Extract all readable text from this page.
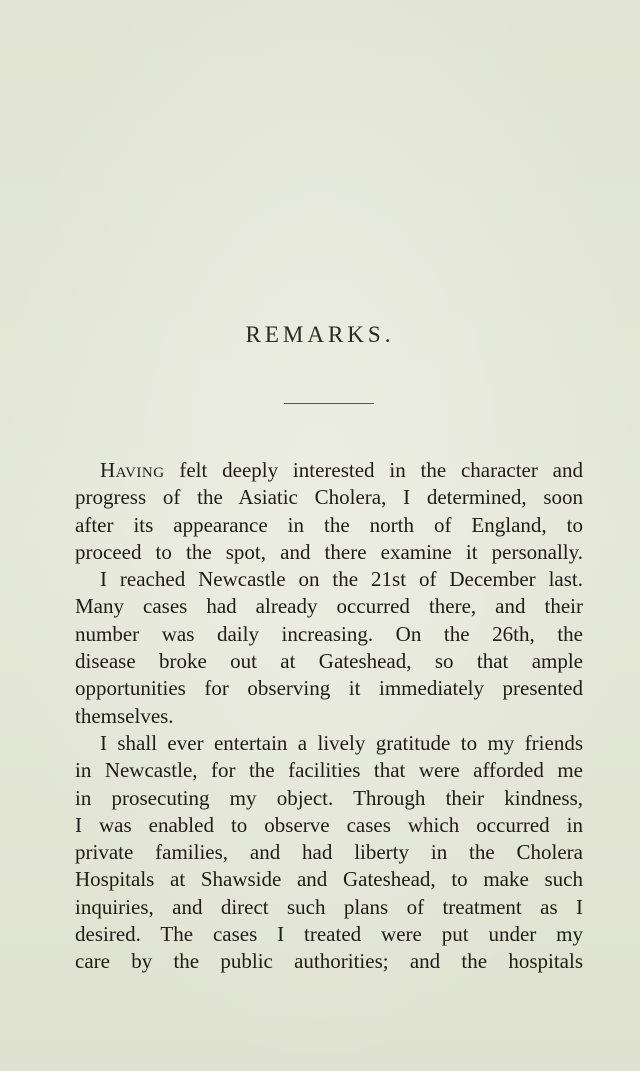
REMARKS.
Having felt deeply interested in the character and
progress of the Asiatic Cholera, I determined, soon
after its appearance in the north of England, to
proceed to the spot, and there examine it personally.
I reached Newcastle on the 21st of December last.
Many cases had already occurred there, and their
number was daily increasing. On the 26th, the
disease broke out at Gateshead, so that ample
opportunities for observing it immediately presented
themselves.
I shall ever entertain a lively gratitude to my friends
in Newcastle, for the facilities that were afforded me
in prosecuting my object. Through their kindness,
I was enabled to observe cases which occurred in
private families, and had liberty in the Cholera
Hospitals at Shawside and Gateshead, to make such
inquiries, and direct such plans of treatment as I
desired. The cases I treated were put under my
care by the public authorities; and the hospitals
